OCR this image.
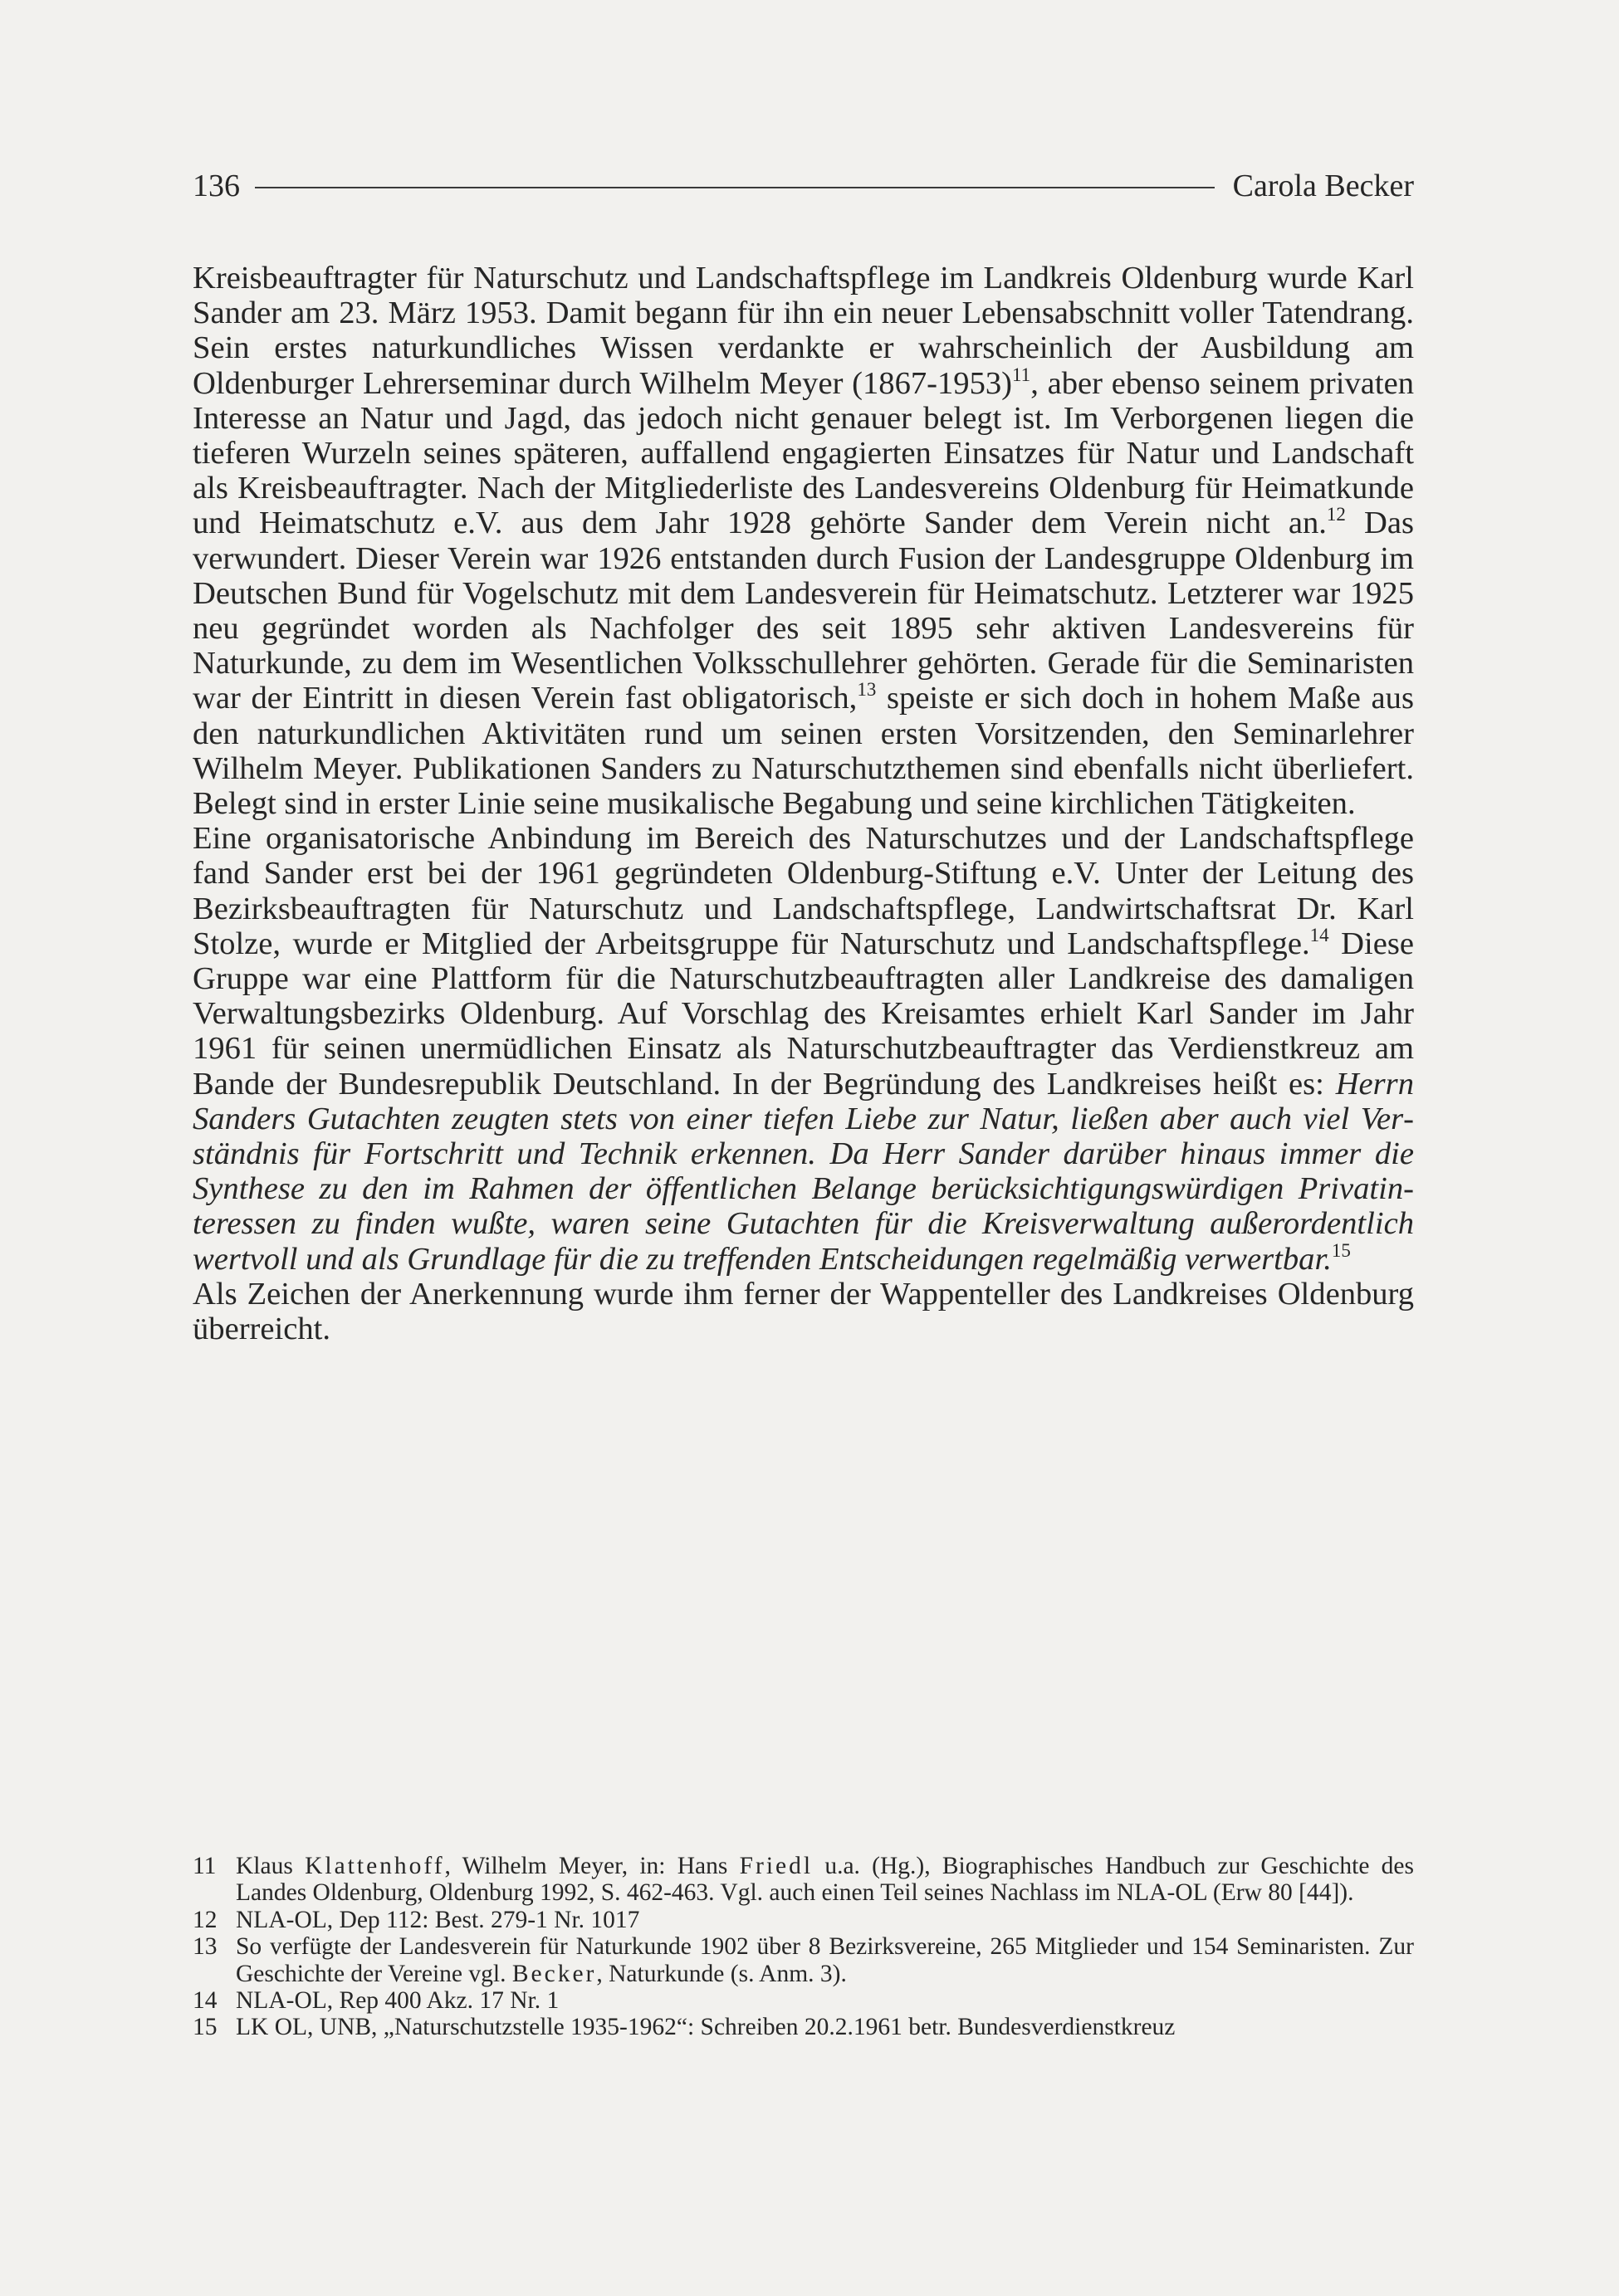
136	Carola Becker

Kreisbeauftragter für Naturschutz und Landschaftspflege im Landkreis Oldenburg wurde Karl Sander am 23. März 1953. Damit begann für ihn ein neuer Lebensabschnitt voller Tatendrang. Sein erstes naturkundliches Wissen verdankte er wahrscheinlich der Ausbildung am Oldenburger Lehrerseminar durch Wilhelm Meyer (1867-1953)$^{11}$, aber ebenso seinem privaten Interesse an Natur und Jagd, das jedoch nicht genauer belegt ist. Im Verborgenen liegen die tieferen Wurzeln seines späteren, auffallend engagierten Einsatzes für Natur und Landschaft als Kreisbeauftragter. Nach der Mitgliederliste des Landesvereins Oldenburg für Heimatkunde und Heimatschutz e.V. aus dem Jahr 1928 gehörte Sander dem Verein nicht an.$^{12}$ Das verwundert. Dieser Verein war 1926 entstanden durch Fusion der Landesgruppe Oldenburg im Deutschen Bund für Vogelschutz mit dem Landesverein für Heimatschutz. Letzterer war 1925 neu gegründet worden als Nachfolger des seit 1895 sehr aktiven Landesvereins für Naturkunde, zu dem im Wesentlichen Volksschullehrer gehörten. Gerade für die Seminaristen war der Eintritt in diesen Verein fast obligatorisch,$^{13}$ speiste er sich doch in hohem Maße aus den naturkundlichen Aktivitäten rund um seinen ersten Vorsitzenden, den Seminarlehrer Wilhelm Meyer. Publikationen Sanders zu Naturschutzthemen sind ebenfalls nicht überliefert. Belegt sind in erster Linie seine musikalische Begabung und seine kirchlichen Tätigkeiten.

Eine organisatorische Anbindung im Bereich des Naturschutzes und der Landschaftspflege fand Sander erst bei der 1961 gegründeten Oldenburg-Stiftung e.V. Unter der Leitung des Bezirksbeauftragten für Naturschutz und Landschaftspflege, Landwirtschaftsrat Dr. Karl Stolze, wurde er Mitglied der Arbeitsgruppe für Naturschutz und Landschaftspflege.$^{14}$ Diese Gruppe war eine Plattform für die Naturschutzbeauftragten aller Landkreise des damaligen Verwaltungsbezirks Oldenburg. Auf Vorschlag des Kreisamtes erhielt Karl Sander im Jahr 1961 für seinen unermüdlichen Einsatz als Naturschutzbeauftragter das Verdienstkreuz am Bande der Bundesrepublik Deutschland. In der Begründung des Landkreises heißt es: Herrn Sanders Gutachten zeugten stets von einer tiefen Liebe zur Natur, ließen aber auch viel Verständnis für Fortschritt und Technik erkennen. Da Herr Sander darüber hinaus immer die Synthese zu den im Rahmen der öffentlichen Belange berücksichtigungswürdigen Privatinteressen zu finden wußte, waren seine Gutachten für die Kreisverwaltung außerordentlich wertvoll und als Grundlage für die zu treffenden Entscheidungen regelmäßig verwertbar.$^{15}$

Als Zeichen der Anerkennung wurde ihm ferner der Wappenteller des Landkreises Oldenburg überreicht.

11 Klaus Klattenhoff, Wilhelm Meyer, in: Hans Friedl u.a. (Hg.), Biographisches Handbuch zur Geschichte des Landes Oldenburg, Oldenburg 1992, S. 462-463. Vgl. auch einen Teil seines Nachlass im NLA-OL (Erw 80 [44]).
12 NLA-OL, Dep 112: Best. 279-1 Nr. 1017
13 So verfügte der Landesverein für Naturkunde 1902 über 8 Bezirksvereine, 265 Mitglieder und 154 Seminaristen. Zur Geschichte der Vereine vgl. Becker, Naturkunde (s. Anm. 3).
14 NLA-OL, Rep 400 Akz. 17 Nr. 1
15 LK OL, UNB, „Naturschutzstelle 1935-1962“: Schreiben 20.2.1961 betr. Bundesverdienstkreuz
